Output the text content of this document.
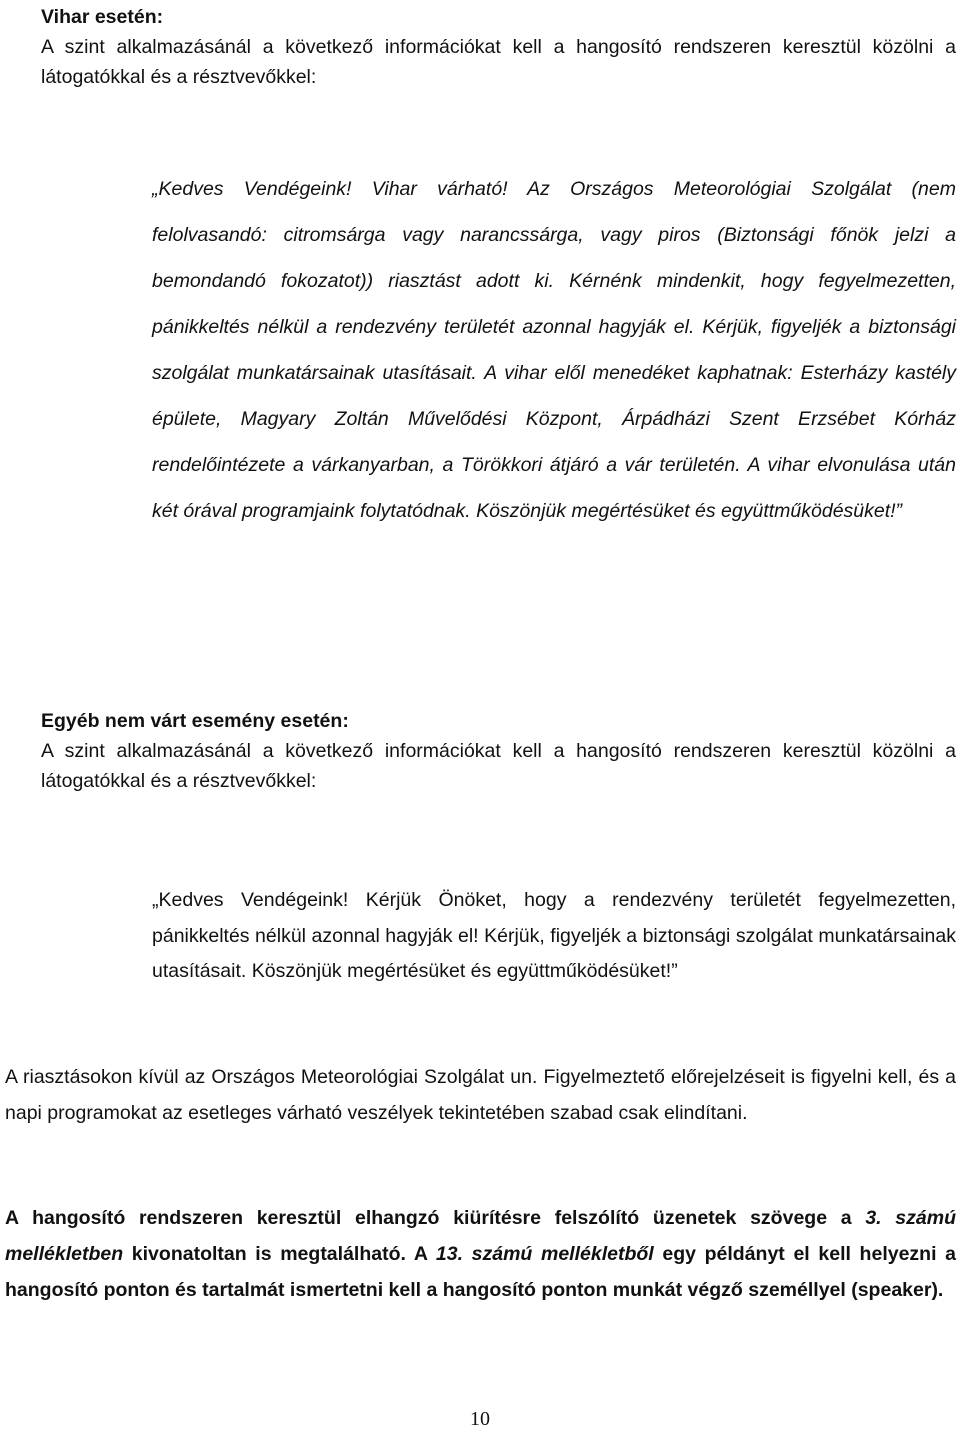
Vihar esetén:

A szint alkalmazásánál a következő információkat kell a hangosító rendszeren keresztül közölni a látogatókkal és a résztvevőkkel:

„Kedves Vendégeink! Vihar várható! Az Országos Meteorológiai Szolgálat (nem felolvasandó: citromsárga vagy narancssárga, vagy piros (Biztonsági főnök jelzi a bemondandó fokozatot)) riasztást adott ki. Kérnénk mindenkit, hogy fegyelmezetten, pánikkeltés nélkül a rendezvény területét azonnal hagyják el. Kérjük, figyeljék a biztonsági szolgálat munkatársainak utasításait. A vihar elől menedéket kaphatnak: Esterházy kastély épülete, Magyary Zoltán Művelődési Központ, Árpádházi Szent Erzsébet Kórház rendelőintézete a várkanyarban, a Törökkori átjáró a vár területén. A vihar elvonulása után két órával programjaink folytatódnak. Köszönjük megértésüket és együttműködésüket!”

Egyéb nem várt esemény esetén:

A szint alkalmazásánál a következő információkat kell a hangosító rendszeren keresztül közölni a látogatókkal és a résztvevőkkel:

„Kedves Vendégeink! Kérjük Önöket, hogy a rendezvény területét fegyelmezetten, pánikkeltés nélkül azonnal hagyják el! Kérjük, figyeljék a biztonsági szolgálat munkatársainak utasításait. Köszönjük megértésüket és együttműködésüket!”

A riasztásokon kívül az Országos Meteorológiai Szolgálat un. Figyelmeztető előrejelzéseit is figyelni kell, és a napi programokat az esetleges várható veszélyek tekintetében szabad csak elindítani.

A hangosító rendszeren keresztül elhangzó kiürítésre felszólító üzenetek szövege a 3. számú mellékletben kivonatoltan is megtalálható. A 13. számú mellékletből egy példányt el kell helyezni a hangosító ponton és tartalmát ismertetni kell a hangosító ponton munkát végző személlyel (speaker).

10
